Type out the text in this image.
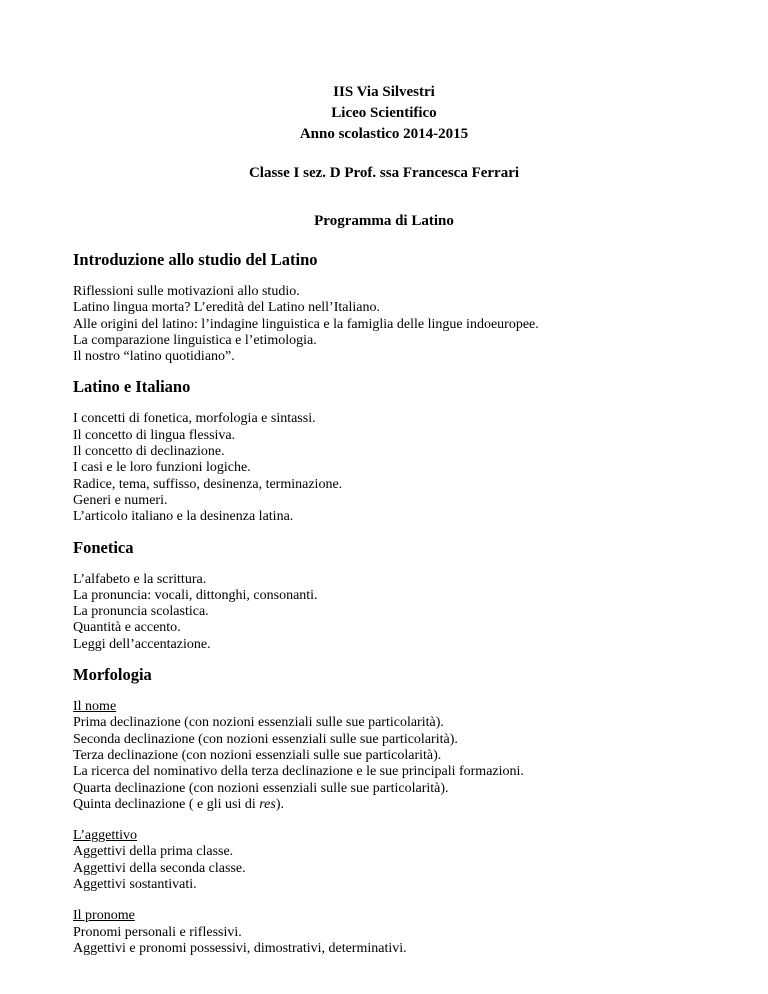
IIS Via Silvestri
Liceo Scientifico
Anno scolastico 2014-2015
Classe I sez. D Prof. ssa Francesca Ferrari
Programma di Latino
Introduzione allo studio del Latino
Riflessioni sulle motivazioni allo studio.
Latino lingua morta? L’eredità del Latino nell’Italiano.
Alle origini del latino: l’indagine linguistica e la famiglia delle lingue indoeuropee.
La comparazione linguistica e l’etimologia.
Il nostro “latino quotidiano”.
Latino e Italiano
I concetti di fonetica, morfologia e sintassi.
Il concetto di lingua flessiva.
Il concetto di declinazione.
I casi e le loro funzioni logiche.
Radice, tema, suffisso, desinenza, terminazione.
Generi e numeri.
L’articolo italiano e la desinenza latina.
Fonetica
L’alfabeto e la scrittura.
La pronuncia: vocali, dittonghi, consonanti.
La pronuncia scolastica.
Quantità e accento.
Leggi dell’accentazione.
Morfologia
Il nome
Prima declinazione (con nozioni essenziali sulle sue particolarità).
Seconda declinazione (con nozioni essenziali sulle sue particolarità).
Terza declinazione (con nozioni essenziali sulle sue particolarità).
La ricerca del nominativo della terza declinazione e le sue principali formazioni.
Quarta declinazione (con nozioni essenziali sulle sue particolarità).
Quinta declinazione ( e gli usi di res).
L’aggettivo
Aggettivi della prima classe.
Aggettivi della seconda classe.
Aggettivi sostantivati.
Il pronome
Pronomi personali e riflessivi.
Aggettivi e pronomi possessivi, dimostrativi, determinativi.
